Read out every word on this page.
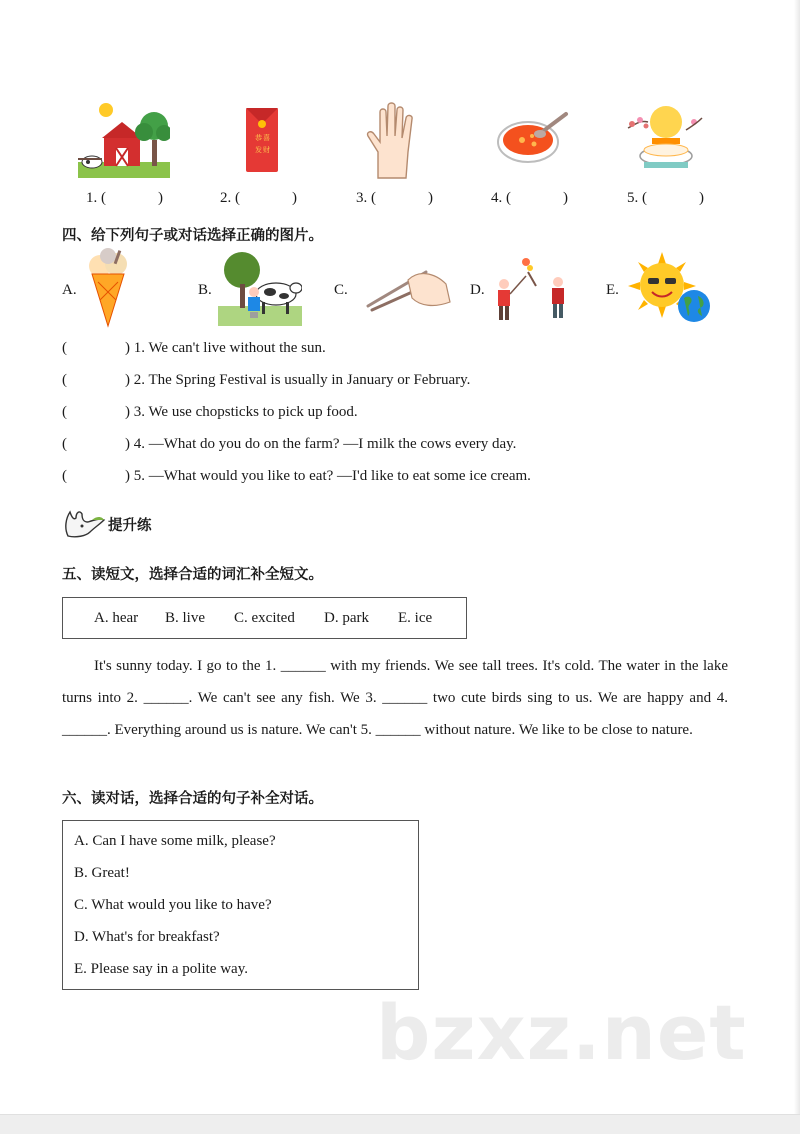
恭 喜
发 财
1. (	)	2. (	)	3. (	)	4. (	)	5. (	)
四、给下列句子或对话选择正确的图片。
A.	B.	C.	D.	E.
(	) 1. We can't live without the sun.
(	) 2. The Spring Festival is usually in January or February.
(	) 3. We use chopsticks to pick up food.
(	) 4. —What do you do on the farm? —I milk the cows every day.
(	) 5. —What would you like to eat? —I'd like to eat some ice cream.
提升练
五、读短文，选择合适的词汇补全短文。
A. hear B. live C. excited D. park E. ice
It's sunny today. I go to the 1. ______ with my friends. We see tall trees. It's cold. The water in the lake turns into 2. ______. We can't see any fish. We 3. ______ two cute birds sing to us. We are happy and 4. ______. Everything around us is nature. We can't 5. ______ without nature. We like to be close to nature.
六、读对话，选择合适的句子补全对话。
A. Can I have some milk, please?
B. Great!
C. What would you like to have?
D. What's for breakfast?
E. Please say in a polite way.
bzxz.net
